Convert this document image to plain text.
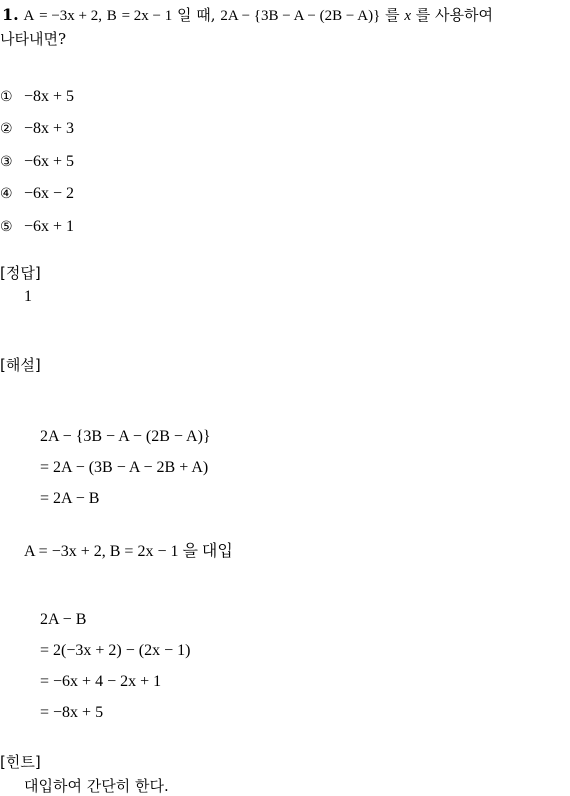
1. A = −3x + 2, B = 2x − 1 일 때, 2A − {3B − A − (2B − A)} 를 x 를 사용하여
나타내면?
① −8x + 5
② −8x + 3
③ −6x + 5
④ −6x − 2
⑤ −6x + 1
[정답]
1
[해설]
2A − {3B − A − (2B − A)}
= 2A − (3B − A − 2B + A)
= 2A − B
A = −3x + 2, B = 2x − 1 을 대입
2A − B
= 2(−3x + 2) − (2x − 1)
= −6x + 4 − 2x + 1
= −8x + 5
[힌트]
대입하여 간단히 한다.
